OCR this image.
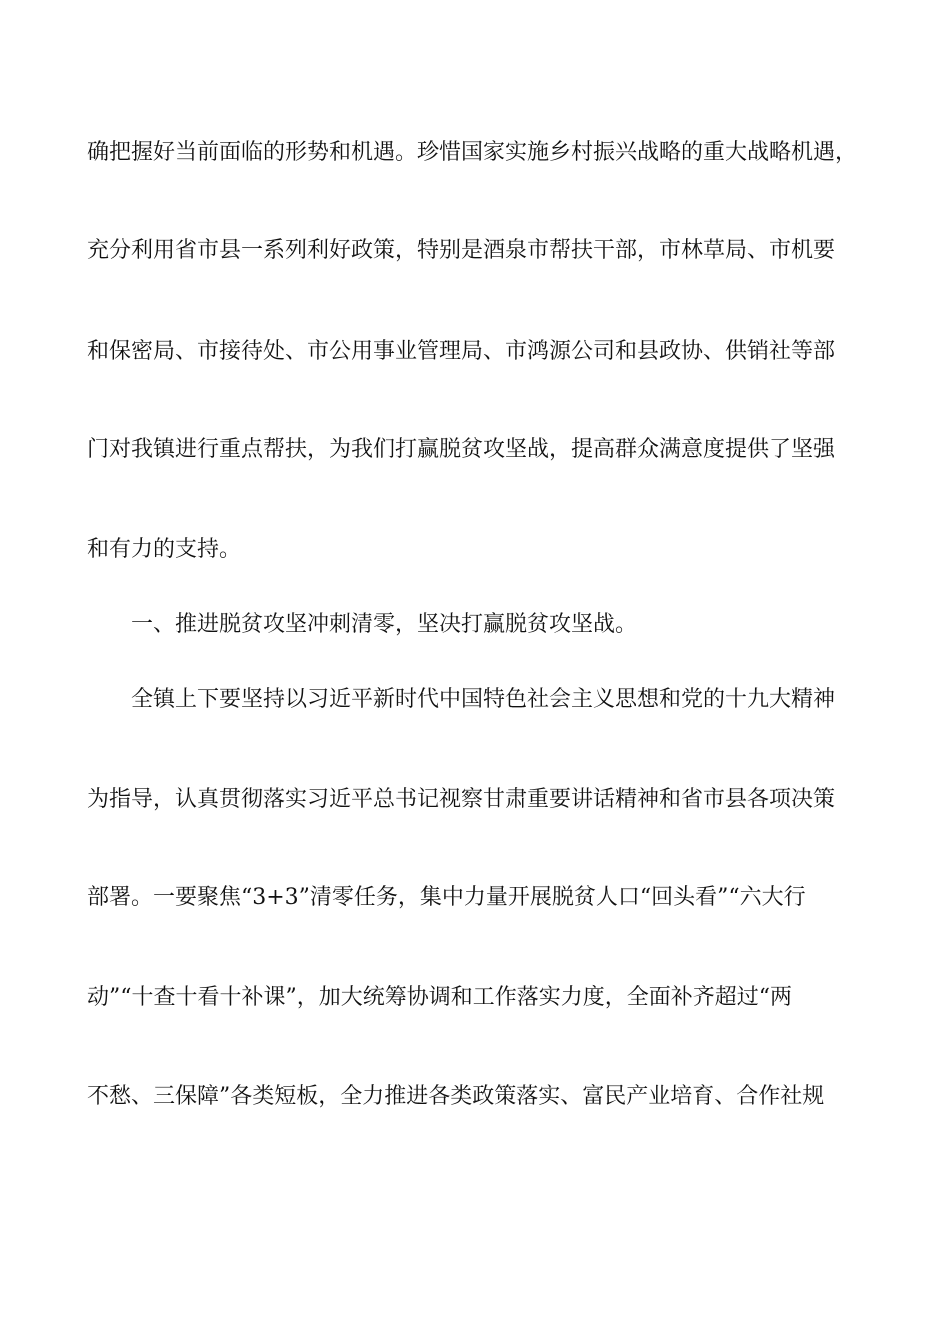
确把握好当前面临的形势和机遇。珍惜国家实施乡村振兴战略的重大战略机遇，
充分利用省市县一系列利好政策，特别是酒泉市帮扶干部，市林草局、市机要
和保密局、市接待处、市公用事业管理局、市鸿源公司和县政协、供销社等部
门对我镇进行重点帮扶，为我们打赢脱贫攻坚战，提高群众满意度提供了坚强
和有力的支持。
一、推进脱贫攻坚冲刺清零，坚决打赢脱贫攻坚战。
全镇上下要坚持以习近平新时代中国特色社会主义思想和党的十九大精神
为指导，认真贯彻落实习近平总书记视察甘肃重要讲话精神和省市县各项决策
部署。一要聚焦“3+3”清零任务，集中力量开展脱贫人口“回头看”“六大行
动”“十查十看十补课”，加大统筹协调和工作落实力度，全面补齐超过“两
不愁、三保障”各类短板，全力推进各类政策落实、富民产业培育、合作社规
